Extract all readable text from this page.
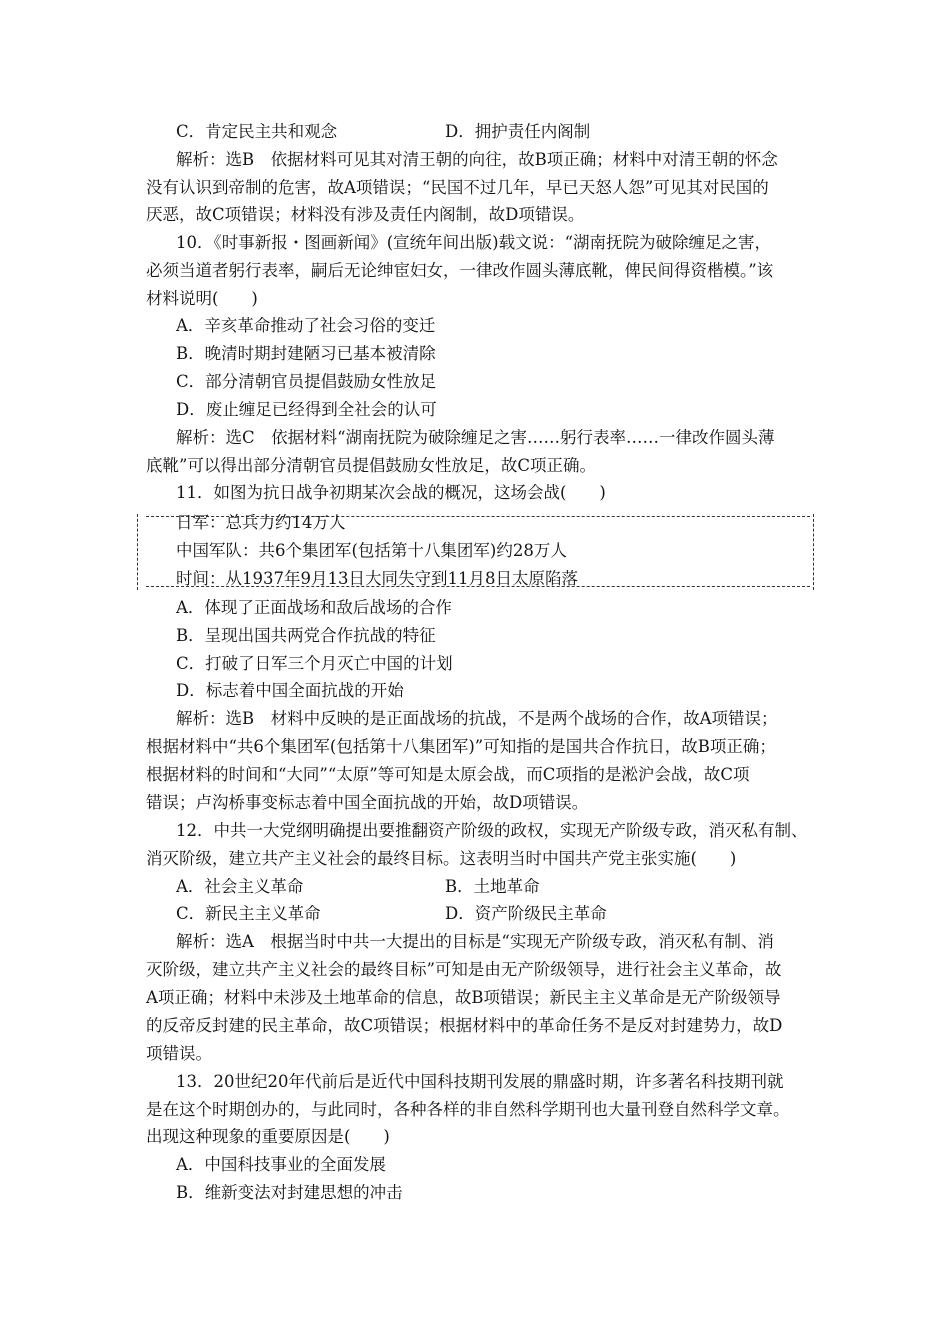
C．肯定民主共和观念	D．拥护责任内阁制
解析：选B　依据材料可见其对清王朝的向往，故B项正确；材料中对清王朝的怀念
没有认识到帝制的危害，故A项错误；“民国不过几年，早已天怒人怨”可见其对民国的
厌恶，故C项错误；材料没有涉及责任内阁制，故D项错误。
10．《时事新报・图画新闻》(宣统年间出版)载文说：“湖南抚院为破除缠足之害，
必须当道者躬行表率，嗣后无论绅宦妇女，一律改作圆头薄底靴，俾民间得资楷模。”该
材料说明(　　)
A．辛亥革命推动了社会习俗的变迁
B．晚清时期封建陋习已基本被清除
C．部分清朝官员提倡鼓励女性放足
D．废止缠足已经得到全社会的认可
解析：选C　依据材料“湖南抚院为破除缠足之害……躬行表率……一律改作圆头薄
底靴”可以得出部分清朝官员提倡鼓励女性放足，故C项正确。
11．如图为抗日战争初期某次会战的概况，这场会战(　　)
日军：总兵力约14万人
中国军队：共6个集团军(包括第十八集团军)约28万人
时间：从1937年9月13日大同失守到11月8日太原陷落
A．体现了正面战场和敌后战场的合作
B．呈现出国共两党合作抗战的特征
C．打破了日军三个月灭亡中国的计划
D．标志着中国全面抗战的开始
解析：选B　材料中反映的是正面战场的抗战，不是两个战场的合作，故A项错误；
根据材料中“共6个集团军(包括第十八集团军)”可知指的是国共合作抗日，故B项正确；
根据材料的时间和“大同”“太原”等可知是太原会战，而C项指的是淞沪会战，故C项
错误；卢沟桥事变标志着中国全面抗战的开始，故D项错误。
12．中共一大党纲明确提出要推翻资产阶级的政权，实现无产阶级专政，消灭私有制、
消灭阶级，建立共产主义社会的最终目标。这表明当时中国共产党主张实施(　　)
A．社会主义革命	B．土地革命
C．新民主主义革命	D．资产阶级民主革命
解析：选A　根据当时中共一大提出的目标是“实现无产阶级专政，消灭私有制、消
灭阶级，建立共产主义社会的最终目标”可知是由无产阶级领导，进行社会主义革命，故
A项正确；材料中未涉及土地革命的信息，故B项错误；新民主主义革命是无产阶级领导
的反帝反封建的民主革命，故C项错误；根据材料中的革命任务不是反对封建势力，故D
项错误。
13．20世纪20年代前后是近代中国科技期刊发展的鼎盛时期，许多著名科技期刊就
是在这个时期创办的，与此同时，各种各样的非自然科学期刊也大量刊登自然科学文章。
出现这种现象的重要原因是(　　)
A．中国科技事业的全面发展
B．维新变法对封建思想的冲击
